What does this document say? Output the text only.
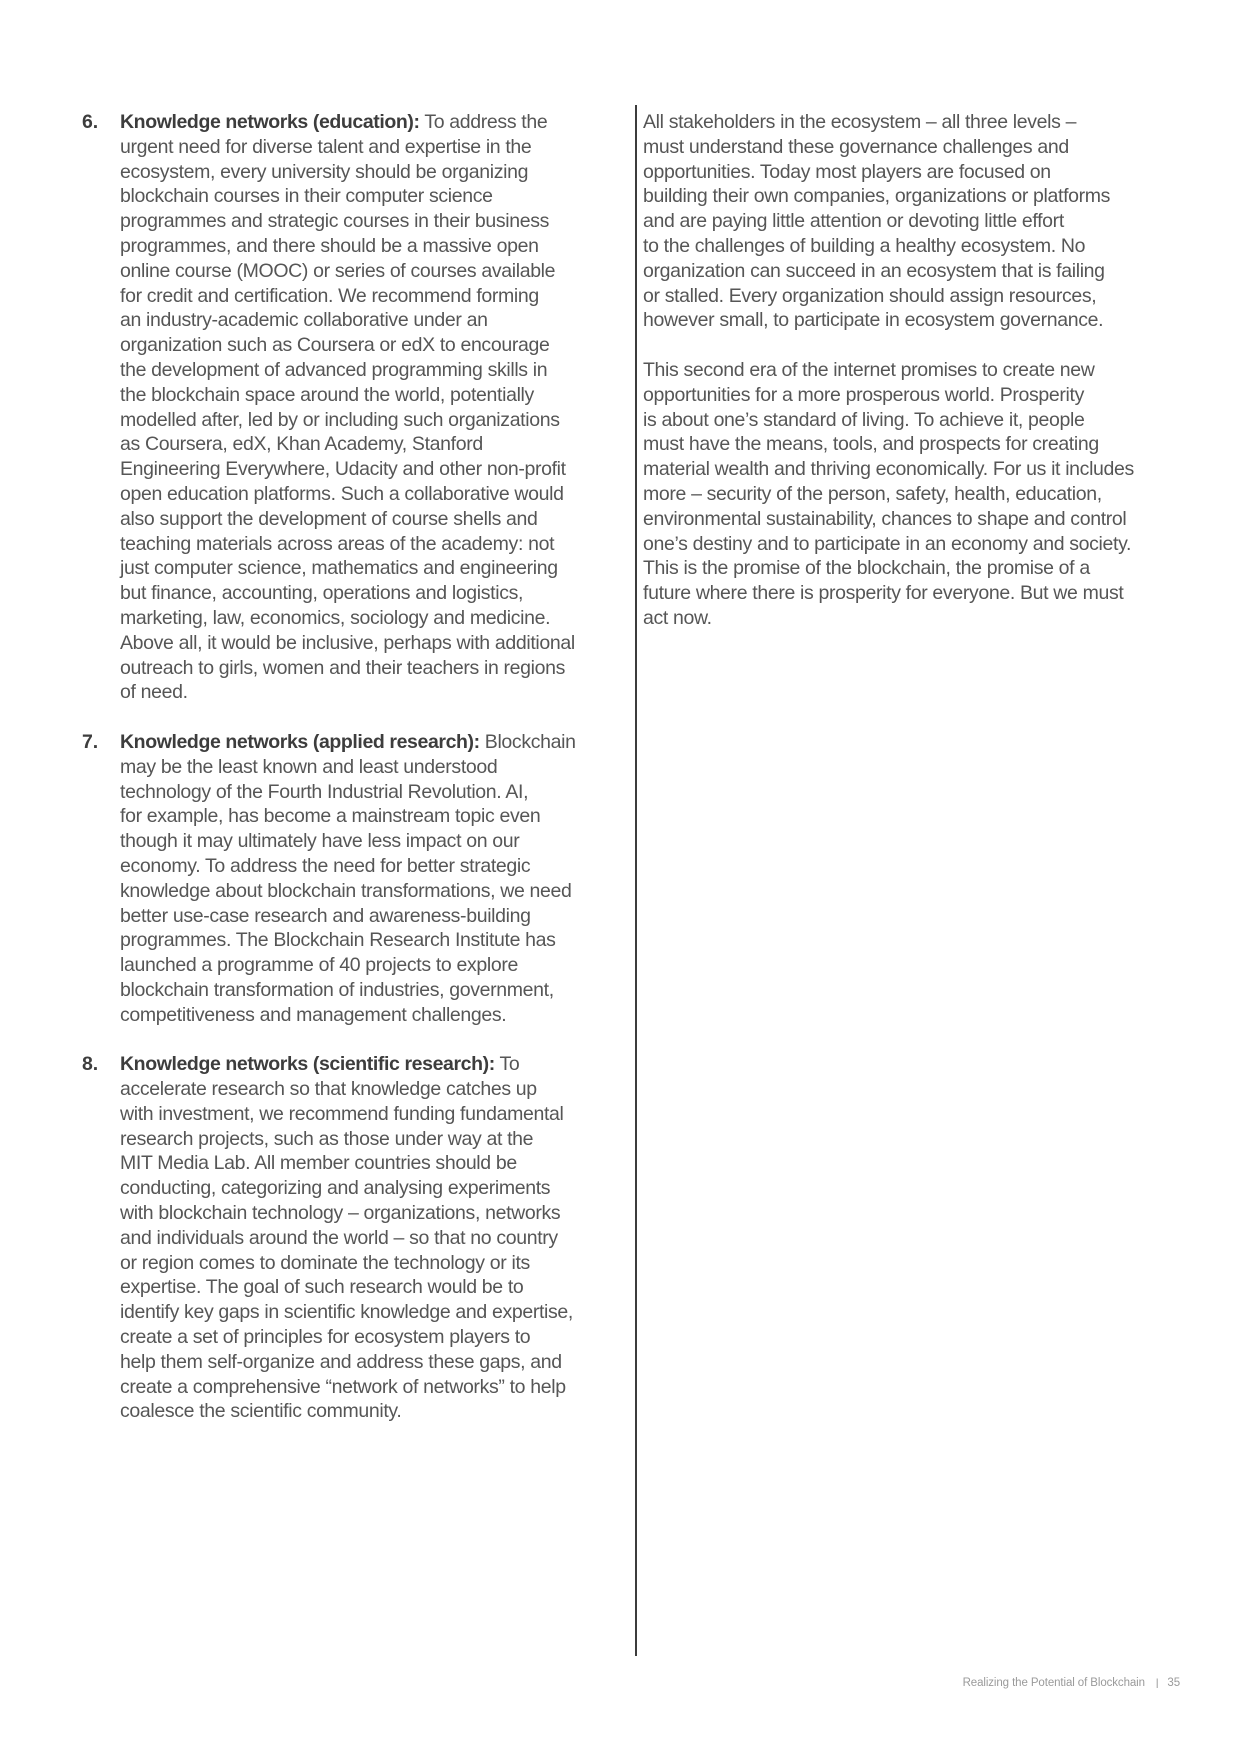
6. Knowledge networks (education): To address the
urgent need for diverse talent and expertise in the
ecosystem, every university should be organizing
blockchain courses in their computer science
programmes and strategic courses in their business
programmes, and there should be a massive open
online course (MOOC) or series of courses available
for credit and certification. We recommend forming
an industry-academic collaborative under an
organization such as Coursera or edX to encourage
the development of advanced programming skills in
the blockchain space around the world, potentially
modelled after, led by or including such organizations
as Coursera, edX, Khan Academy, Stanford
Engineering Everywhere, Udacity and other non-profit
open education platforms. Such a collaborative would
also support the development of course shells and
teaching materials across areas of the academy: not
just computer science, mathematics and engineering
but finance, accounting, operations and logistics,
marketing, law, economics, sociology and medicine.
Above all, it would be inclusive, perhaps with additional
outreach to girls, women and their teachers in regions
of need.
7. Knowledge networks (applied research): Blockchain
may be the least known and least understood
technology of the Fourth Industrial Revolution. AI,
for example, has become a mainstream topic even
though it may ultimately have less impact on our
economy. To address the need for better strategic
knowledge about blockchain transformations, we need
better use-case research and awareness-building
programmes. The Blockchain Research Institute has
launched a programme of 40 projects to explore
blockchain transformation of industries, government,
competitiveness and management challenges.
8. Knowledge networks (scientific research): To
accelerate research so that knowledge catches up
with investment, we recommend funding fundamental
research projects, such as those under way at the
MIT Media Lab. All member countries should be
conducting, categorizing and analysing experiments
with blockchain technology – organizations, networks
and individuals around the world – so that no country
or region comes to dominate the technology or its
expertise. The goal of such research would be to
identify key gaps in scientific knowledge and expertise,
create a set of principles for ecosystem players to
help them self-organize and address these gaps, and
create a comprehensive “network of networks” to help
coalesce the scientific community.
All stakeholders in the ecosystem – all three levels –
must understand these governance challenges and
opportunities. Today most players are focused on
building their own companies, organizations or platforms
and are paying little attention or devoting little effort
to the challenges of building a healthy ecosystem. No
organization can succeed in an ecosystem that is failing
or stalled. Every organization should assign resources,
however small, to participate in ecosystem governance.
This second era of the internet promises to create new
opportunities for a more prosperous world. Prosperity
is about one’s standard of living. To achieve it, people
must have the means, tools, and prospects for creating
material wealth and thriving economically. For us it includes
more – security of the person, safety, health, education,
environmental sustainability, chances to shape and control
one’s destiny and to participate in an economy and society.
This is the promise of the blockchain, the promise of a
future where there is prosperity for everyone. But we must
act now.
Realizing the Potential of Blockchain | 35
